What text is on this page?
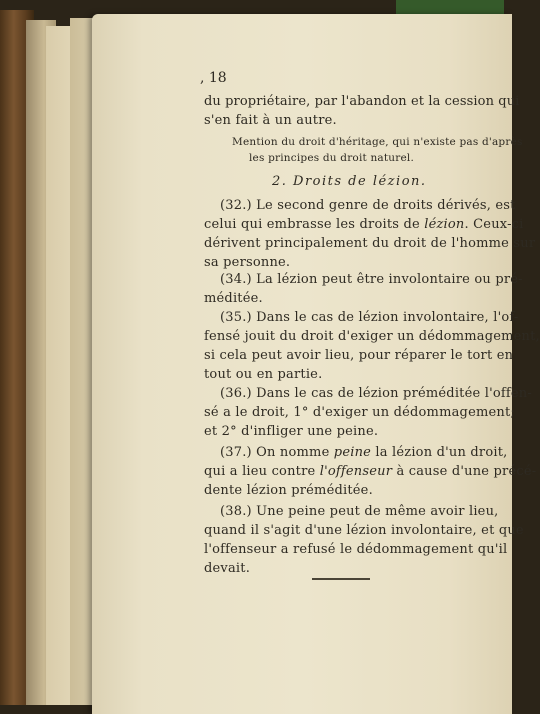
, 18
du propriétaire, par l'abandon et la cession qui
s'en fait à un autre.
Mention du droit d'héritage, qui n'existe pas d'après
les principes du droit naturel.
2. Droits de lézion.
(32.) Le second genre de droits dérivés, est
celui qui embrasse les droits de lézion. Ceux-ci
dérivent principalement du droit de l'homme sur
sa personne.
(34.) La lézion peut être involontaire ou pré-
méditée.
(35.) Dans le cas de lézion involontaire, l'of-
fensé jouit du droit d'exiger un dédommagement,
si cela peut avoir lieu, pour réparer le tort en
tout ou en partie.
(36.) Dans le cas de lézion préméditée l'offen-
sé a le droit, 1° d'exiger un dédommagement;
et 2° d'infliger une peine.
(37.) On nomme peine la lézion d'un droit,
qui a lieu contre l'offenseur à cause d'une précé-
dente lézion préméditée.
(38.) Une peine peut de même avoir lieu,
quand il s'agit d'une lézion involontaire, et que
l'offenseur a refusé le dédommagement qu'il
devait.
